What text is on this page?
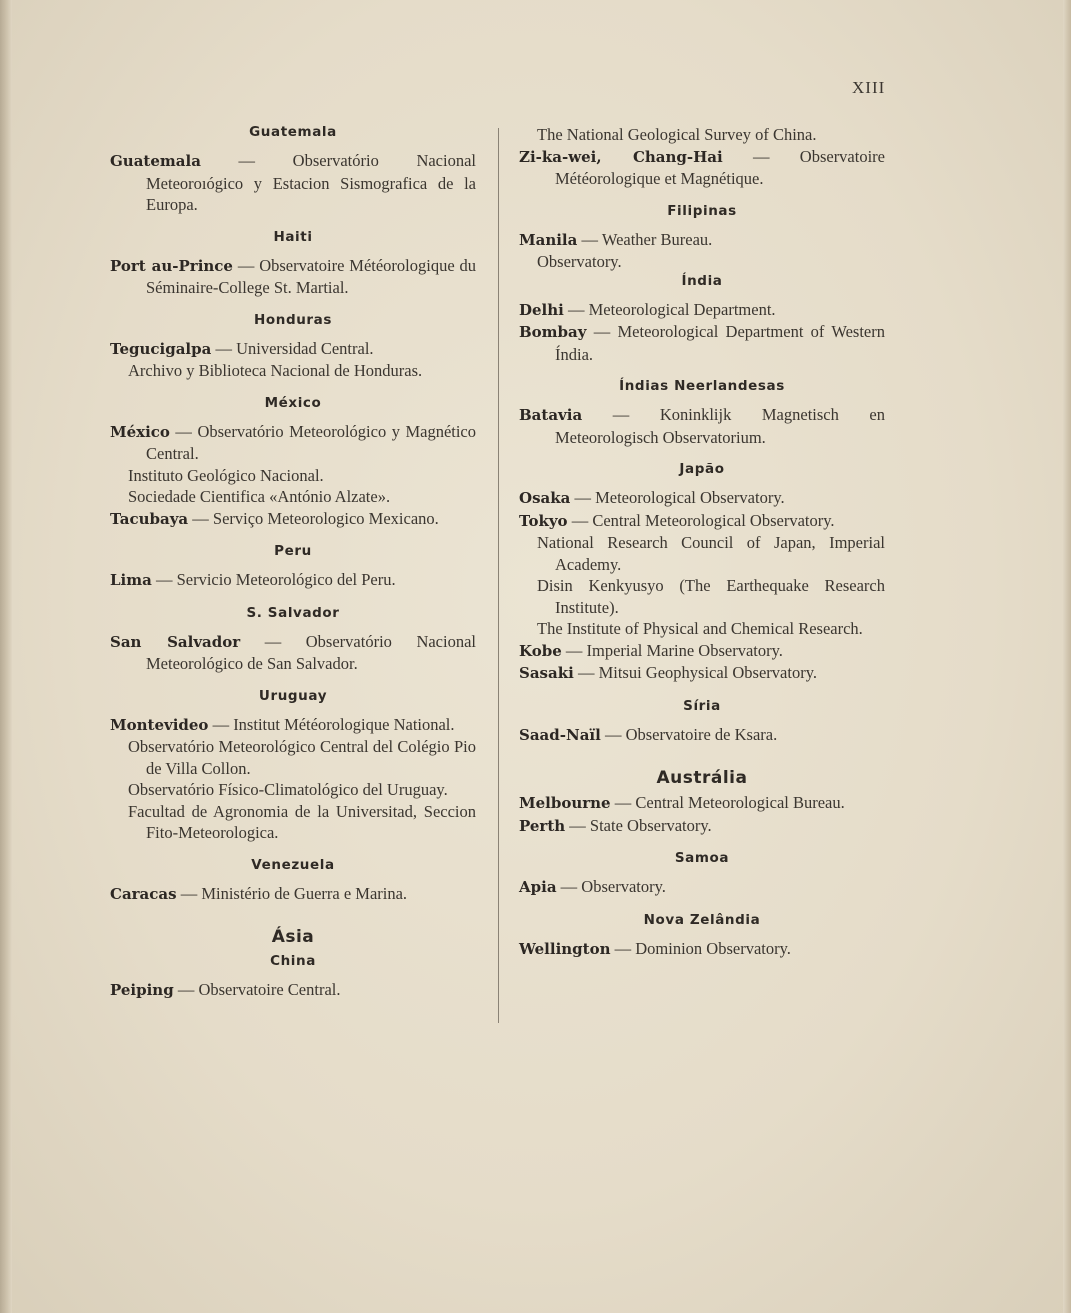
XIII
Guatemala
Guatemala — Observatório Nacional Meteoroıógico y Estacion Sismografica de la Europa.
Haiti
Port au-Prince — Observatoire Météorologique du Séminaire-College St. Martial.
Honduras
Tegucigalpa — Universidad Central.
Archivo y Biblioteca Nacional de Honduras.
México
México — Observatório Meteorológico y Magnético Central.
Instituto Geológico Nacional.
Sociedade Cientifica «António Alzate».
Tacubaya — Serviço Meteorologico Mexicano.
Peru
Lima — Servicio Meteorológico del Peru.
S. Salvador
San Salvador — Observatório Nacional Meteorológico de San Salvador.
Uruguay
Montevideo — Institut Météorologique National.
Observatório Meteorológico Central del Colégio Pio de Villa Collon.
Observatório Físico-Climatológico del Uruguay.
Facultad de Agronomia de la Universitad, Seccion Fito-Meteorologica.
Venezuela
Caracas — Ministério de Guerra e Marina.
Ásia
China
Peiping — Observatoire Central.
The National Geological Survey of China.
Zi-ka-wei, Chang-Hai — Observatoire Météorologique et Magnétique.
Filipinas
Manila — Weather Bureau.
Observatory.
Índia
Delhi — Meteorological Department.
Bombay — Meteorological Department of Western Índia.
Índias Neerlandesas
Batavia — Koninklijk Magnetisch en Meteorologisch Observatorium.
Japão
Osaka — Meteorological Observatory.
Tokyo — Central Meteorological Observatory.
National Research Council of Japan, Imperial Academy.
Disin Kenkyusyo (The Earthequake Research Institute).
The Institute of Physical and Chemical Research.
Kobe — Imperial Marine Observatory.
Sasaki — Mitsui Geophysical Observatory.
Síria
Saad-Naïl — Observatoire de Ksara.
Austrália
Melbourne — Central Meteorological Bureau.
Perth — State Observatory.
Samoa
Apia — Observatory.
Nova Zelândia
Wellington — Dominion Observatory.
